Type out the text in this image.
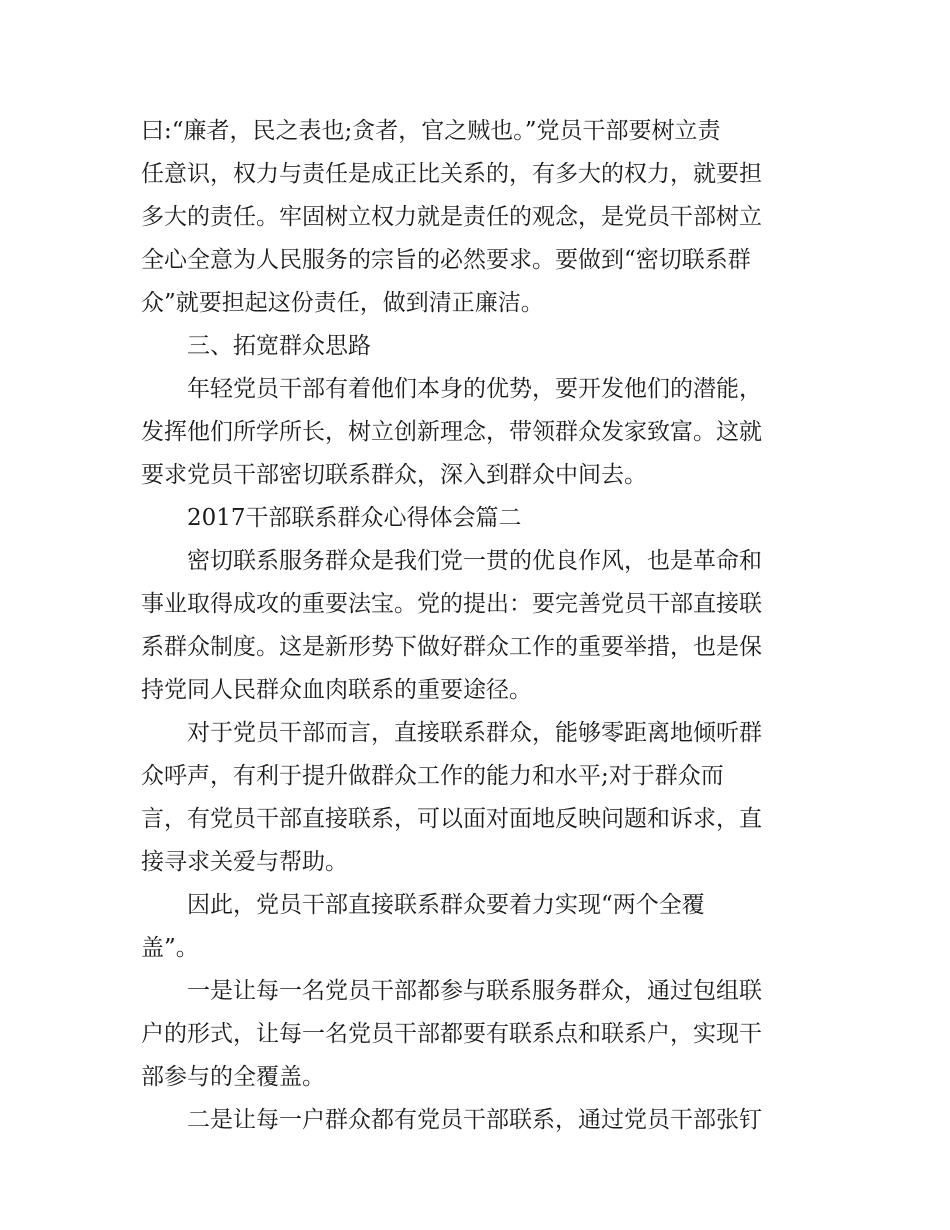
曰:“廉者，民之表也;贪者，官之贼也。”党员干部要树立责
任意识，权力与责任是成正比关系的，有多大的权力，就要担
多大的责任。牢固树立权力就是责任的观念，是党员干部树立
全心全意为人民服务的宗旨的必然要求。要做到“密切联系群
众”就要担起这份责任，做到清正廉洁。
三、拓宽群众思路
年轻党员干部有着他们本身的优势，要开发他们的潜能，
发挥他们所学所长，树立创新理念，带领群众发家致富。这就
要求党员干部密切联系群众，深入到群众中间去。
2017干部联系群众心得体会篇二
密切联系服务群众是我们党一贯的优良作风，也是革命和
事业取得成攻的重要法宝。党的提出：要完善党员干部直接联
系群众制度。这是新形势下做好群众工作的重要举措，也是保
持党同人民群众血肉联系的重要途径。
对于党员干部而言，直接联系群众，能够零距离地倾听群
众呼声，有利于提升做群众工作的能力和水平;对于群众而
言，有党员干部直接联系，可以面对面地反映问题和诉求，直
接寻求关爱与帮助。
因此，党员干部直接联系群众要着力实现“两个全覆
盖”。
一是让每一名党员干部都参与联系服务群众，通过包组联
户的形式，让每一名党员干部都要有联系点和联系户，实现干
部参与的全覆盖。
二是让每一户群众都有党员干部联系，通过党员干部张钉
